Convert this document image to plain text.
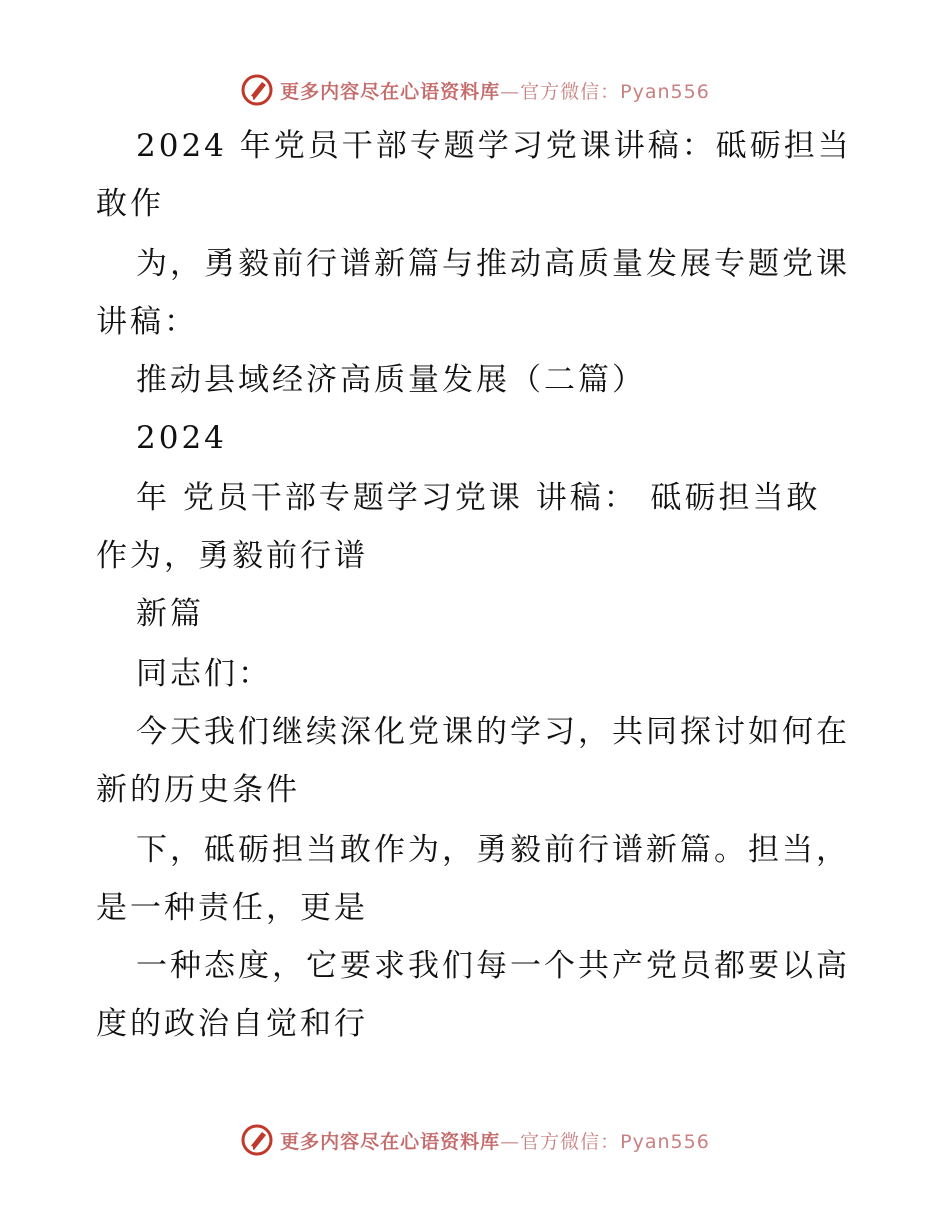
更多内容尽在心语资料库—官方微信：Pyan556
2024 年党员干部专题学习党课讲稿：砥砺担当
敢作
为，勇毅前行谱新篇与推动高质量发展专题党课
讲稿：
推动县域经济高质量发展（二篇）
2024
年 党员干部专题学习党课 讲稿： 砥砺担当敢
作为，勇毅前行谱
新篇
同志们：
今天我们继续深化党课的学习，共同探讨如何在
新的历史条件
下，砥砺担当敢作为，勇毅前行谱新篇。担当，
是一种责任，更是
一种态度，它要求我们每一个共产党员都要以高
度的政治自觉和行
更多内容尽在心语资料库—官方微信：Pyan556
